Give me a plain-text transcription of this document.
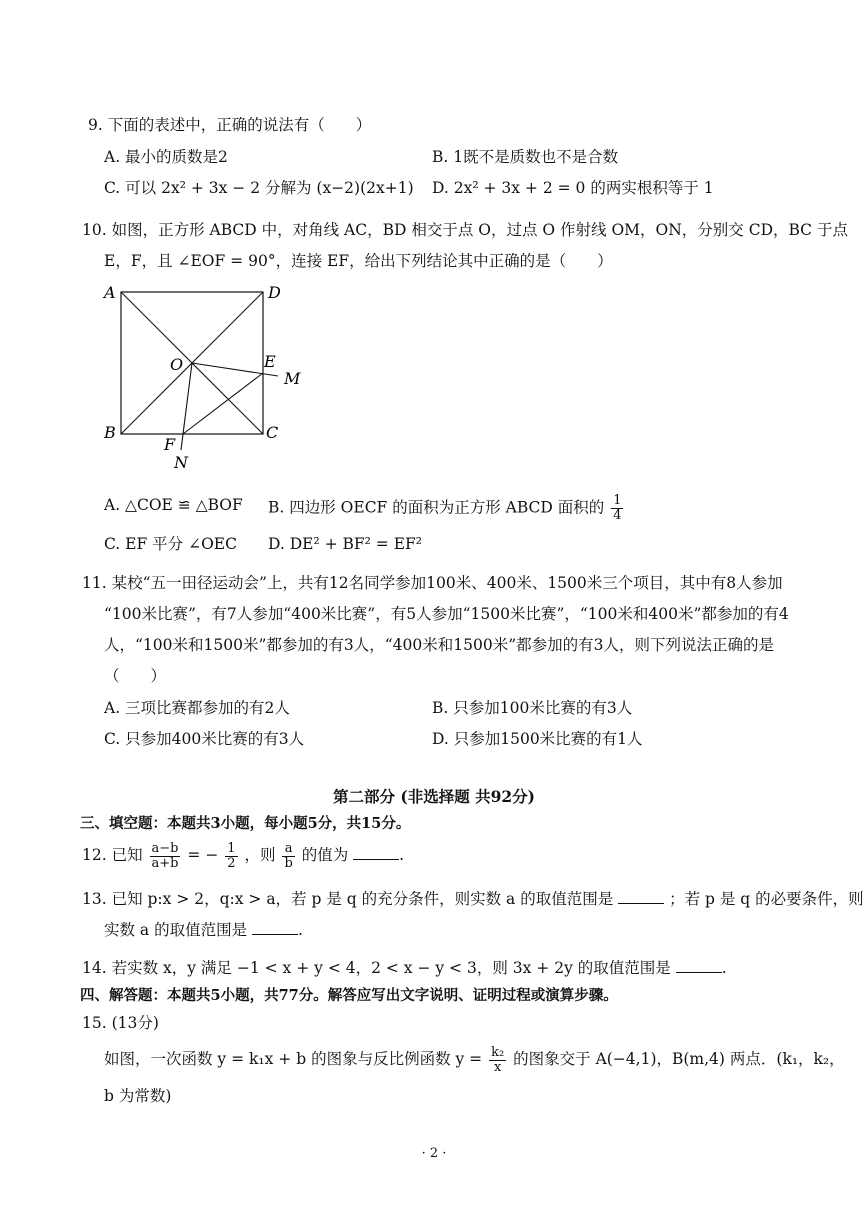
9. 下面的表述中，正确的说法有（　　）
A. 最小的质数是2	B. 1既不是质数也不是合数
C. 可以 2x² + 3x − 2 分解为 (x−2)(2x+1) D. 2x² + 3x + 2 = 0 的两实根积等于 1
10. 如图，正方形 ABCD 中，对角线 AC，BD 相交于点 O，过点 O 作射线 OM，ON，分别交 CD，BC 于点
E，F，且 ∠EOF = 90°，连接 EF，给出下列结论其中正确的是（　　）
A	D
O	E
M
B	C
F
N
A. △COE ≌ △BOF B. 四边形 OECF 的面积为正方形 ABCD 面积的 $\frac{1}{4}$
C. EF 平分 ∠OEC D. DE² + BF² = EF²
11. 某校“五一田径运动会”上，共有12名同学参加100米、400米、1500米三个项目，其中有8人参加
“100米比赛”，有7人参加“400米比赛”，有5人参加“1500米比赛”，“100米和400米”都参加的有4
人，“100米和1500米”都参加的有3人，“400米和1500米”都参加的有3人，则下列说法正确的是
（　　）
A. 三项比赛都参加的有2人	B. 只参加100米比赛的有3人
C. 只参加400米比赛的有3人	D. 只参加1500米比赛的有1人
第二部分 (非选择题 共92分)
三、填空题：本题共3小题，每小题5分，共15分。
12. 已知 $\frac{a-b}{a+b}$ = − $\frac{1}{2}$ ，则 $\frac{a}{b}$ 的值为	.
13. 已知 p:x > 2，q:x > a，若 p 是 q 的充分条件，则实数 a 的取值范围是	；若 p 是 q 的必要条件，则
实数 a 的取值范围是	.
14. 若实数 x，y 满足 −1 < x + y < 4，2 < x − y < 3，则 3x + 2y 的取值范围是	.
四、解答题：本题共5小题，共77分。解答应写出文字说明、证明过程或演算步骤。
15. (13分)
如图，一次函数 y = k₁x + b 的图象与反比例函数 $y = \frac{\text{k₂}}{x}$ 的图象交于 A(−4,1)，B(m,4) 两点．(k₁，k₂，
b 为常数)
· 2 ·
